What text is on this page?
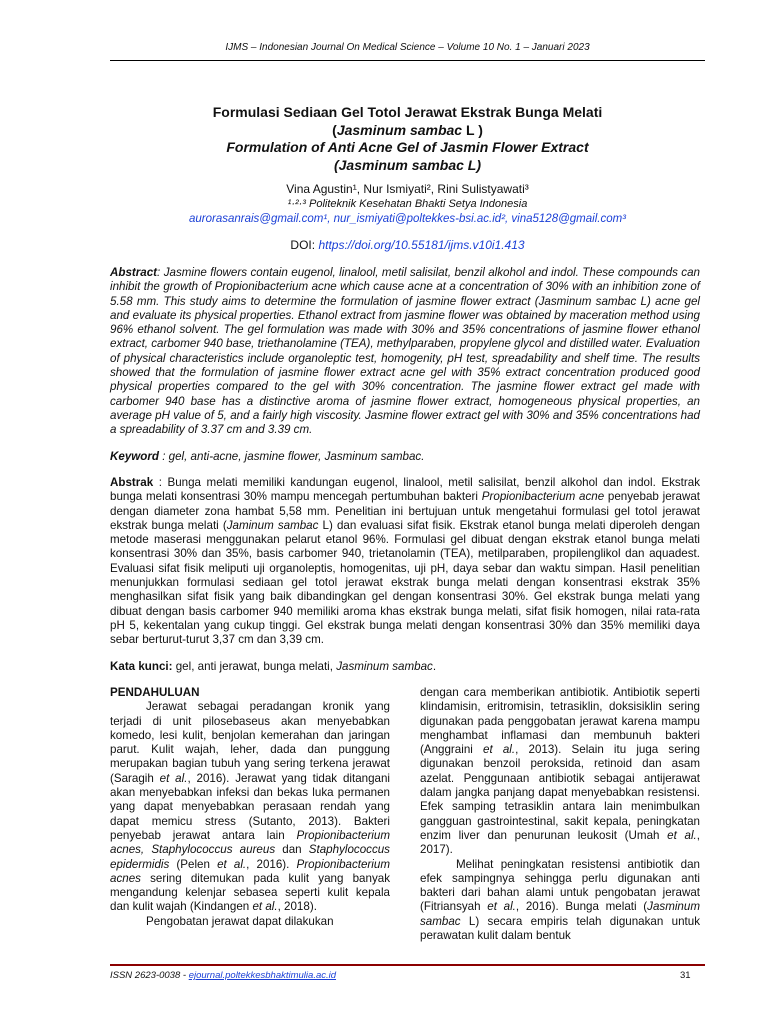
IJMS – Indonesian Journal On Medical Science – Volume 10 No. 1 – Januari 2023
Formulasi Sediaan Gel Totol Jerawat Ekstrak Bunga Melati
(Jasminum sambac L )
Formulation of Anti Acne Gel of Jasmin Flower Extract
(Jasminum sambac L)
Vina Agustin¹, Nur Ismiyati², Rini Sulistyawati³
¹·²·³ Politeknik Kesehatan Bhakti Setya Indonesia
aurorasanrais@gmail.com¹, nur_ismiyati@poltekkes-bsi.ac.id², vina5128@gmail.com³
DOI: https://doi.org/10.55181/ijms.v10i1.413
Abstract: Jasmine flowers contain eugenol, linalool, metil salisilat, benzil alkohol and indol. These compounds can inhibit the growth of Propionibacterium acne which cause acne at a concentration of 30% with an inhibition zone of 5.58 mm. This study aims to determine the formulation of jasmine flower extract (Jasminum sambac L) acne gel and evaluate its physical properties. Ethanol extract from jasmine flower was obtained by maceration method using 96% ethanol solvent. The gel formulation was made with 30% and 35% concentrations of jasmine flower ethanol extract, carbomer 940 base, triethanolamine (TEA), methylparaben, propylene glycol and distilled water. Evaluation of physical characteristics include organoleptic test, homogenity, pH test, spreadability and shelf time. The results showed that the formulation of jasmine flower extract acne gel with 35% extract concentration produced good physical properties compared to the gel with 30% concentration. The jasmine flower extract gel made with carbomer 940 base has a distinctive aroma of jasmine flower extract, homogeneous physical properties, an average pH value of 5, and a fairly high viscosity. Jasmine flower extract gel with 30% and 35% concentrations had a spreadability of 3.37 cm and 3.39 cm.
Keyword : gel, anti-acne, jasmine flower, Jasminum sambac.
Abstrak : Bunga melati memiliki kandungan eugenol, linalool, metil salisilat, benzil alkohol dan indol. Ekstrak bunga melati konsentrasi 30% mampu mencegah pertumbuhan bakteri Propionibacterium acne penyebab jerawat dengan diameter zona hambat 5,58 mm. Penelitian ini bertujuan untuk mengetahui formulasi gel totol jerawat ekstrak bunga melati (Jaminum sambac L) dan evaluasi sifat fisik. Ekstrak etanol bunga melati diperoleh dengan metode maserasi menggunakan pelarut etanol 96%. Formulasi gel dibuat dengan ekstrak etanol bunga melati konsentrasi 30% dan 35%, basis carbomer 940, trietanolamin (TEA), metilparaben, propilenglikol dan aquadest. Evaluasi sifat fisik meliputi uji organoleptis, homogenitas, uji pH, daya sebar dan waktu simpan. Hasil penelitian menunjukkan formulasi sediaan gel totol jerawat ekstrak bunga melati dengan konsentrasi ekstrak 35% menghasilkan sifat fisik yang baik dibandingkan gel dengan konsentrasi 30%. Gel ekstrak bunga melati yang dibuat dengan basis carbomer 940 memiliki aroma khas ekstrak bunga melati, sifat fisik homogen, nilai rata-rata pH 5, kekentalan yang cukup tinggi. Gel ekstrak bunga melati dengan konsentrasi 30% dan 35% memiliki daya sebar berturut-turut 3,37 cm dan 3,39 cm.
Kata kunci: gel, anti jerawat, bunga melati, Jasminum sambac.
PENDAHULUAN
Jerawat sebagai peradangan kronik yang terjadi di unit pilosebaseus akan menyebabkan komedo, lesi kulit, benjolan kemerahan dan jaringan parut. Kulit wajah, leher, dada dan punggung merupakan bagian tubuh yang sering terkena jerawat (Saragih et al., 2016). Jerawat yang tidak ditangani akan menyebabkan infeksi dan bekas luka permanen yang dapat menyebabkan perasaan rendah yang dapat memicu stress (Sutanto, 2013). Bakteri penyebab jerawat antara lain Propionibacterium acnes, Staphylococcus aureus dan Staphylococcus epidermidis (Pelen et al., 2016). Propionibacterium acnes sering ditemukan pada kulit yang banyak mengandung kelenjar sebasea seperti kulit kepala dan kulit wajah (Kindangen et al., 2018).
Pengobatan jerawat dapat dilakukan
dengan cara memberikan antibiotik. Antibiotik seperti klindamisin, eritromisin, tetrasiklin, doksisiklin sering digunakan pada penggobatan jerawat karena mampu menghambat inflamasi dan membunuh bakteri (Anggraini et al., 2013). Selain itu juga sering digunakan benzoil peroksida, retinoid dan asam azelat. Penggunaan antibiotik sebagai antijerawat dalam jangka panjang dapat menyebabkan resistensi. Efek samping tetrasiklin antara lain menimbulkan gangguan gastrointestinal, sakit kepala, peningkatan enzim liver dan penurunan leukosit (Umah et al., 2017).
Melihat peningkatan resistensi antibiotik dan efek sampingnya sehingga perlu digunakan anti bakteri dari bahan alami untuk pengobatan jerawat (Fitriansyah et al., 2016). Bunga melati (Jasminum sambac L) secara empiris telah digunakan untuk perawatan kulit dalam bentuk
ISSN 2623-0038 - ejournal.poltekkesbhaktimulia.ac.id	31
